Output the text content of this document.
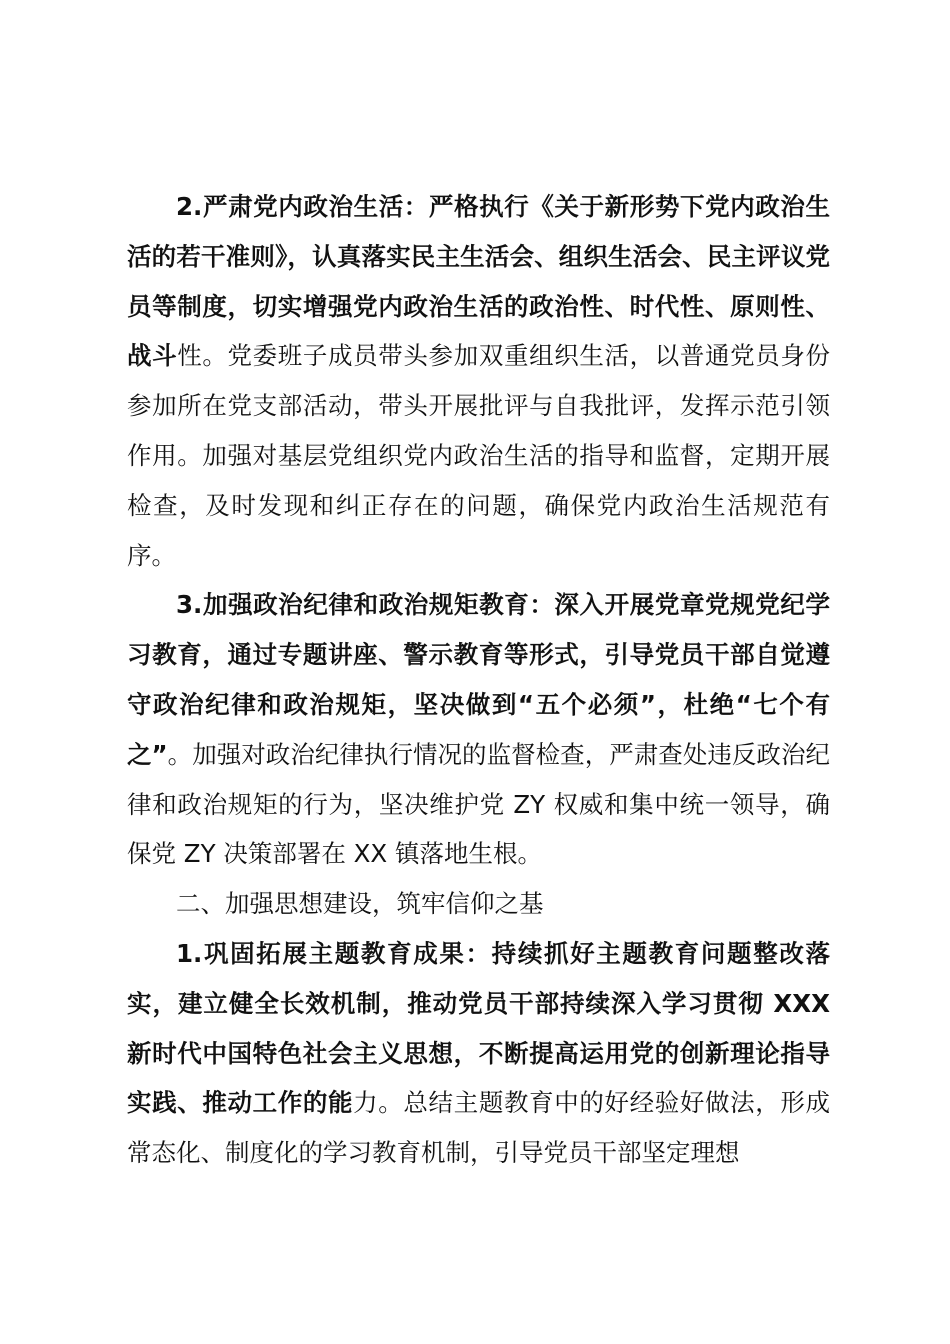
2.严肃党内政治生活：严格执行《关于新形势下党内政治生活的若干准则》，认真落实民主生活会、组织生活会、民主评议党员等制度，切实增强党内政治生活的政治性、时代性、原则性、战斗性。党委班子成员带头参加双重组织生活，以普通党员身份参加所在党支部活动，带头开展批评与自我批评，发挥示范引领作用。加强对基层党组织党内政治生活的指导和监督，定期开展检查，及时发现和纠正存在的问题，确保党内政治生活规范有序。

3.加强政治纪律和政治规矩教育：深入开展党章党规党纪学习教育，通过专题讲座、警示教育等形式，引导党员干部自觉遵守政治纪律和政治规矩，坚决做到“五个必须”，杜绝“七个有之”。加强对政治纪律执行情况的监督检查，严肃查处违反政治纪律和政治规矩的行为，坚决维护党 ZY 权威和集中统一领导，确保党 ZY 决策部署在 XX 镇落地生根。

二、加强思想建设，筑牢信仰之基

1.巩固拓展主题教育成果：持续抓好主题教育问题整改落实，建立健全长效机制，推动党员干部持续深入学习贯彻 XXX 新时代中国特色社会主义思想，不断提高运用党的创新理论指导实践、推动工作的能力。总结主题教育中的好经验好做法，形成常态化、制度化的学习教育机制，引导党员干部坚定理想
